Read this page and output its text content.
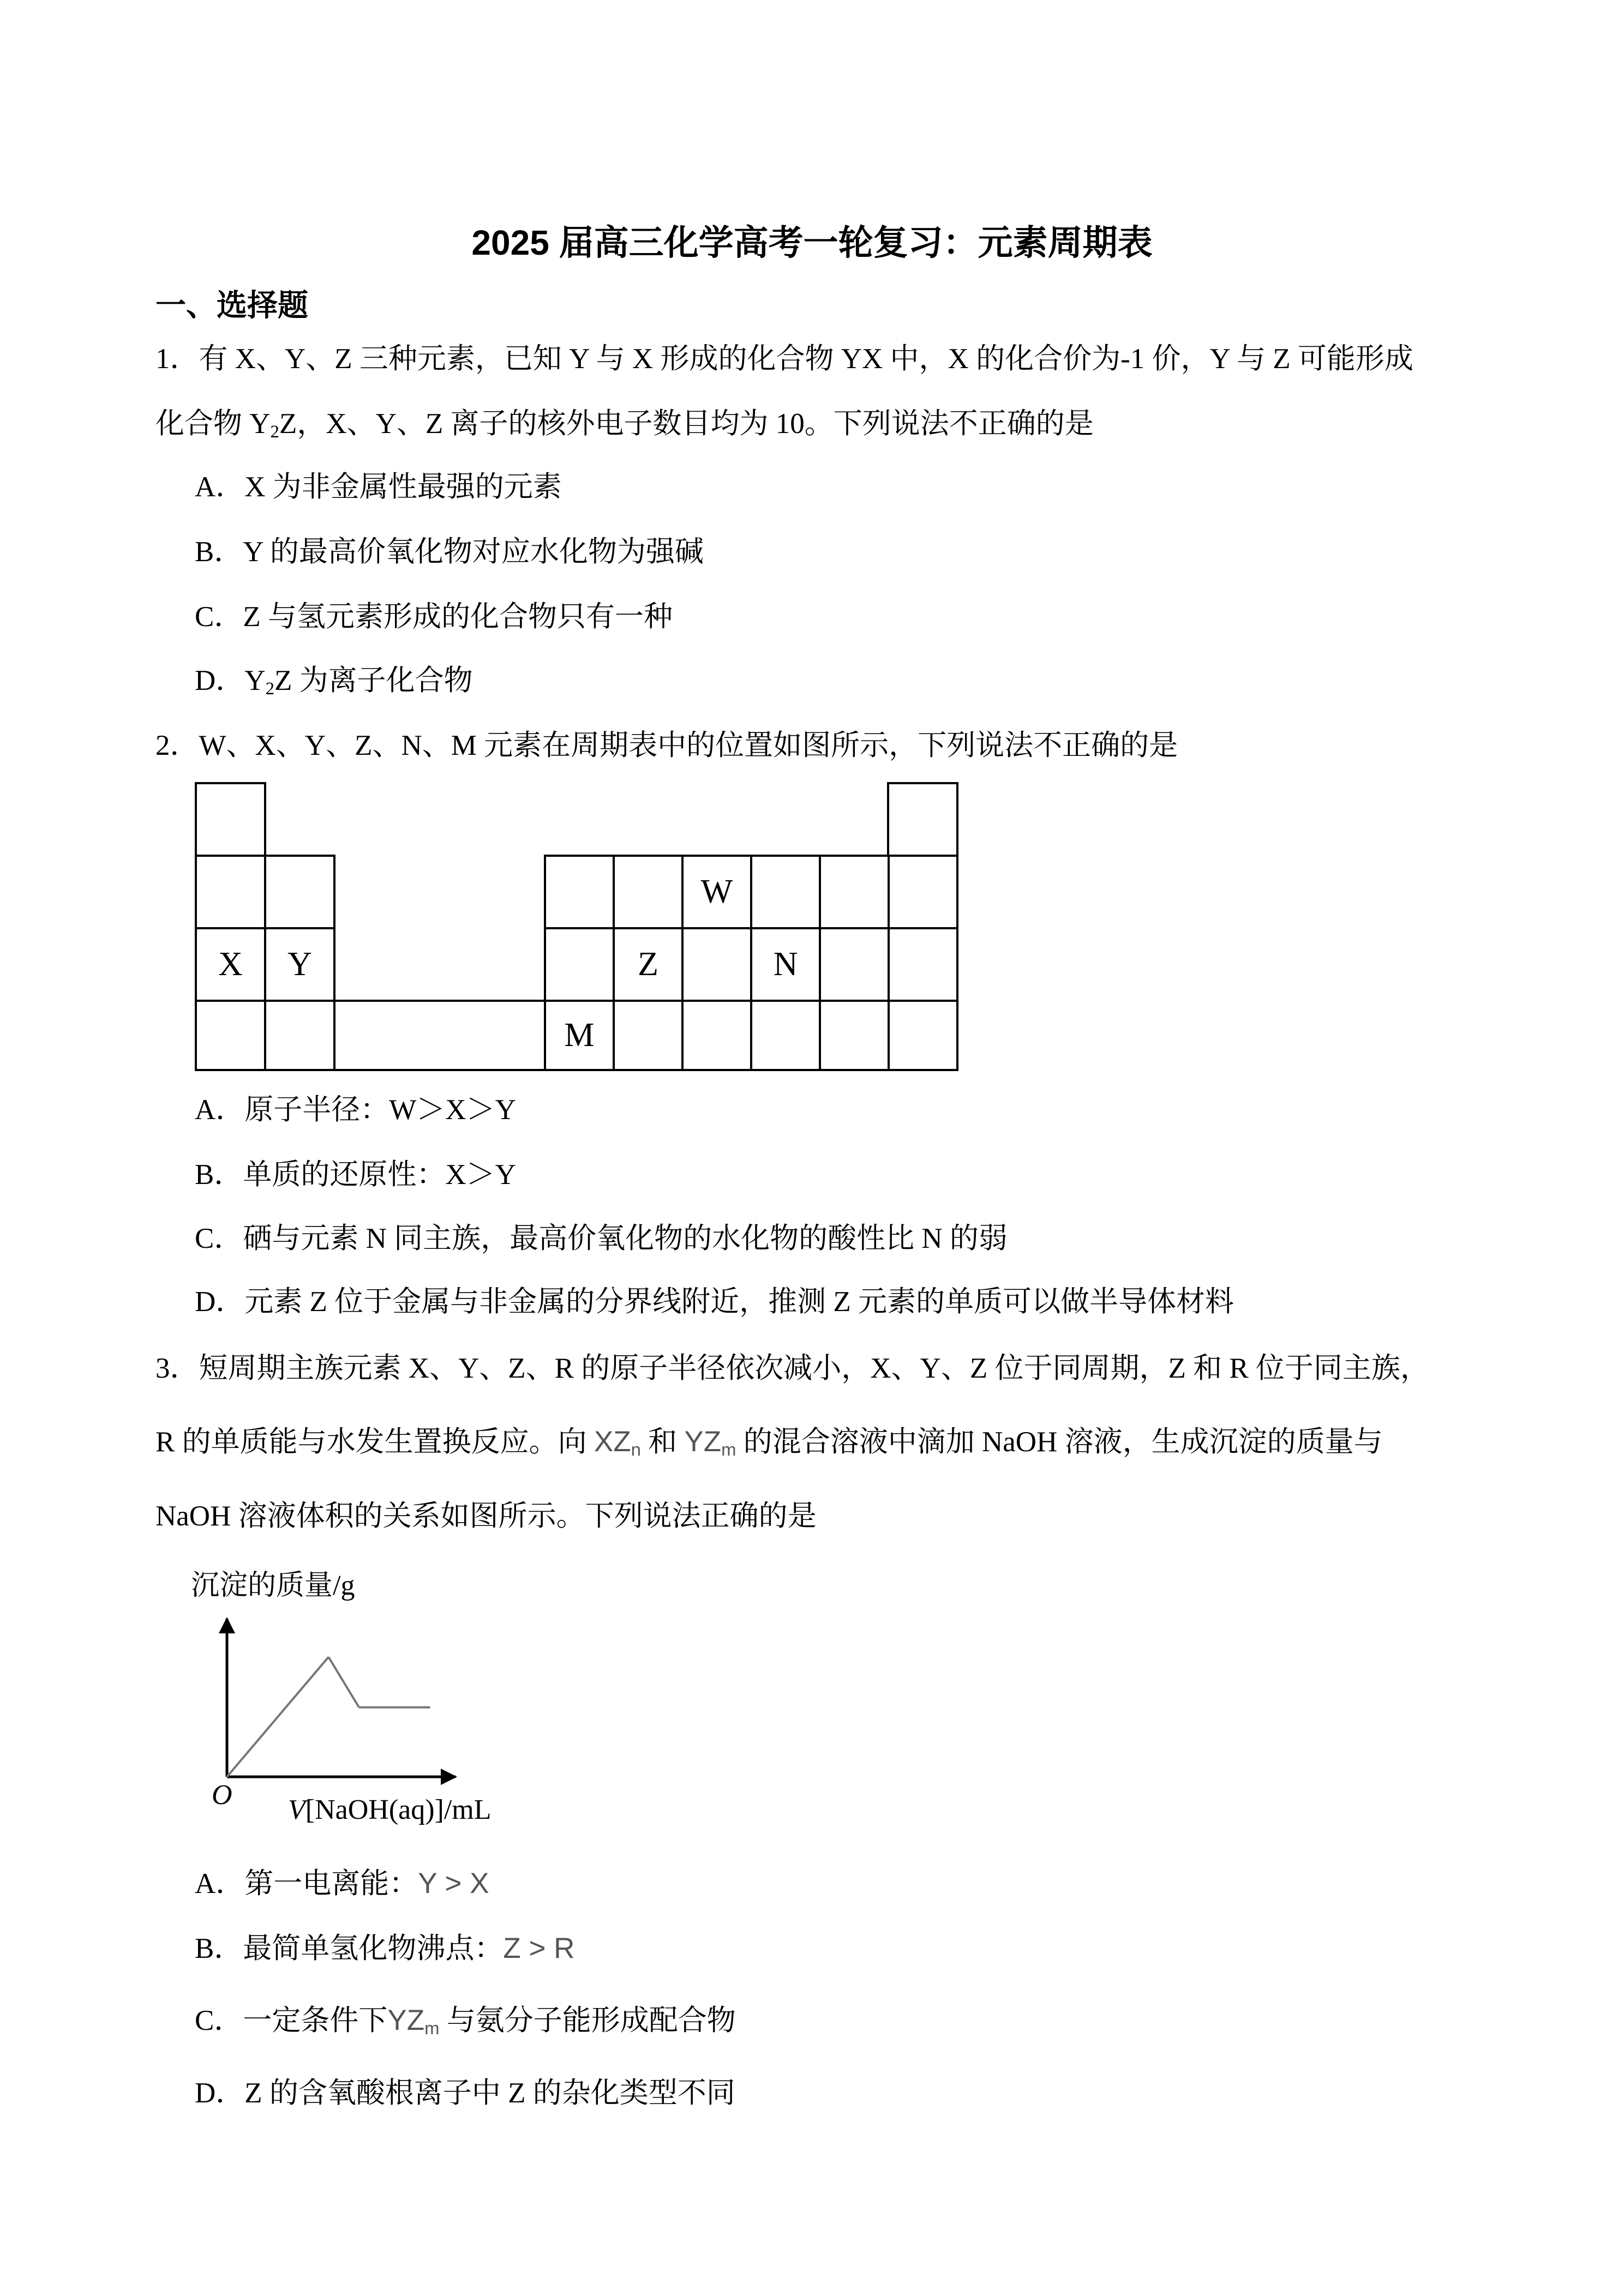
2025 届高三化学高考一轮复习：元素周期表
一、选择题
1．有 X、Y、Z 三种元素，已知 Y 与 X 形成的化合物 YX 中，X 的化合价为-1 价，Y 与 Z 可能形成
化合物 $Y_2Z$，X、Y、Z 离子的核外电子数目均为 10。下列说法不正确的是
A．X 为非金属性最强的元素
B．Y 的最高价氧化物对应水化物为强碱
C．Z 与氢元素形成的化合物只有一种
D．$Y_2Z$ 为离子化合物
2．W、X、Y、Z、N、M 元素在周期表中的位置如图所示，下列说法不正确的是
W
X Y	Z	N
M
A．原子半径：W＞X＞Y
B．单质的还原性：X＞Y
C．硒与元素 N 同主族，最高价氧化物的水化物的酸性比 N 的弱
D．元素 Z 位于金属与非金属的分界线附近，推测 Z 元素的单质可以做半导体材料
3．短周期主族元素 X、Y、Z、R 的原子半径依次减小，X、Y、Z 位于同周期，Z 和 R 位于同主族，
R 的单质能与水发生置换反应。向 $XZ_n$ 和 $YZ_m$ 的混合溶液中滴加 NaOH 溶液，生成沉淀的质量与
NaOH 溶液体积的关系如图所示。下列说法正确的是
沉淀的质量/g
O V[NaOH(aq)]/mL
A．第一电离能：Y > X
B．最简单氢化物沸点：Z > R
C．一定条件下$YZ_m$ 与氨分子能形成配合物
D．Z 的含氧酸根离子中 Z 的杂化类型不同
